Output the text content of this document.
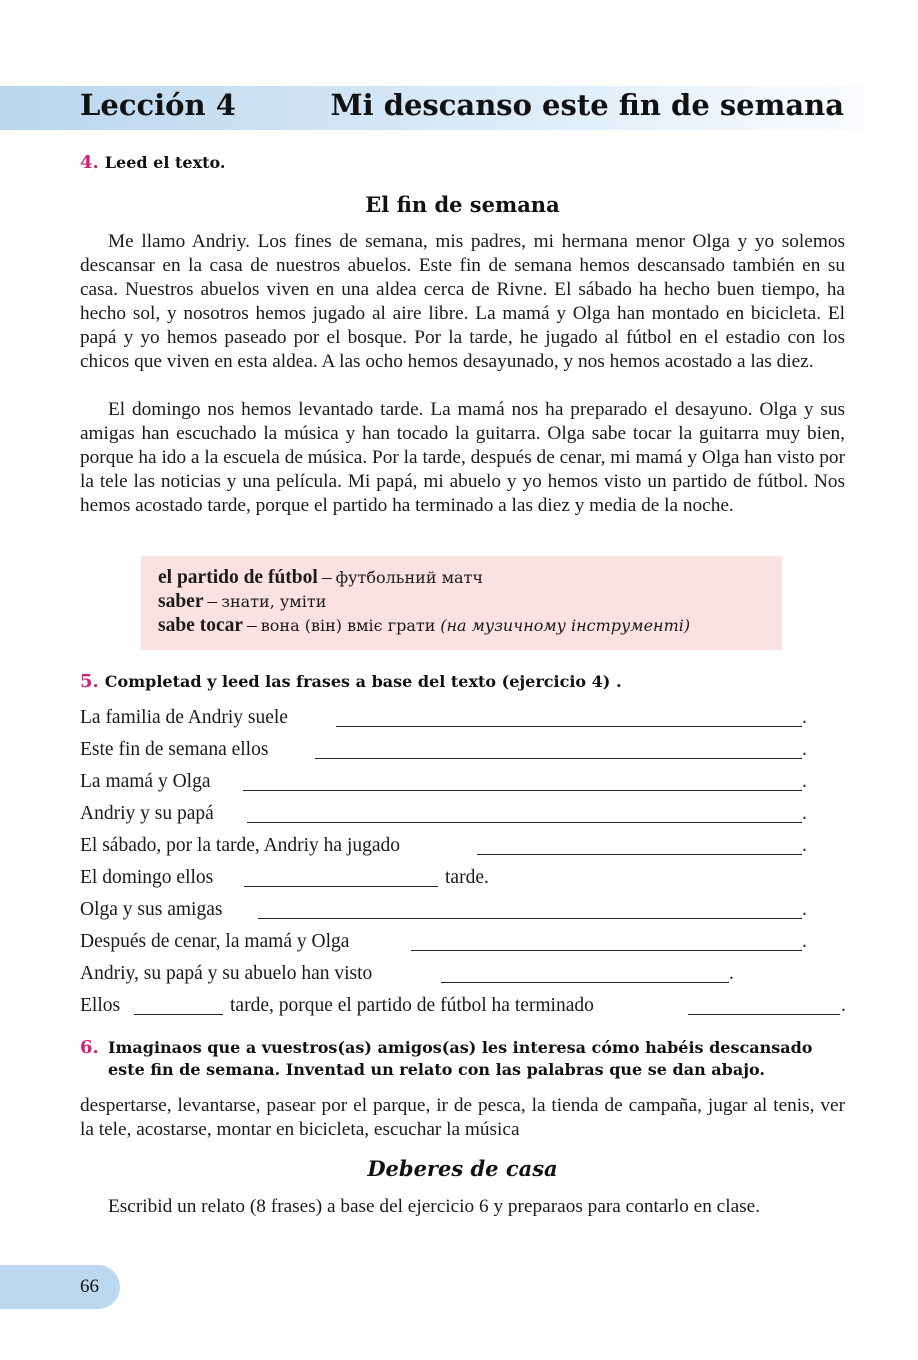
Lección 4	Mi descanso este fin de semana
4. Leed el texto.
El fin de semana

Me llamo Andriy. Los fines de semana, mis padres, mi hermana menor Olga y yo solemos descansar en la casa de nuestros abuelos. Este fin de semana hemos descansado también en su casa. Nuestros abuelos viven en una aldea cerca de Rivne. El sábado ha hecho buen tiempo, ha hecho sol, y nosotros hemos jugado al aire libre. La mamá y Olga han montado en bicicleta. El papá y yo hemos paseado por el bosque. Por la tarde, he jugado al fútbol en el estadio con los chicos que viven en esta aldea. A las ocho hemos desayunado, y nos hemos acostado a las diez.

El domingo nos hemos levantado tarde. La mamá nos ha preparado el desayuno. Olga y sus amigas han escuchado la música y han tocado la guitarra. Olga sabe tocar la guitarra muy bien, porque ha ido a la escuela de música. Por la tarde, después de cenar, mi mamá y Olga han visto por la tele las noticias y una película. Mi papá, mi abuelo y yo hemos visto un partido de fútbol. Nos hemos acostado tarde, porque el partido ha terminado a las diez y media de la noche.

el partido de fútbol – футбольний матч
saber – знати, уміти
sabe tocar – вона (він) вміє грати (на музичному інструменті)
5. Completad y leed las frases a base del texto (ejercicio 4) .
La familia de Andriy suele	.
Este fin de semana ellos	.
La mamá y Olga	.
Andriy y su papá	.
El sábado, por la tarde, Andriy ha jugado	.
El domingo ellos	tarde.
Olga y sus amigas	.
Después de cenar, la mamá y Olga	.
Andriy, su papá y su abuelo han visto	.
Ellos	tarde, porque el partido de fútbol ha terminado	.
6. Imaginaos que a vuestros(as) amigos(as) les interesa cómo habéis descansado este fin de semana. Inventad un relato con las palabras que se dan abajo.

despertarse, levantarse, pasear por el parque, ir de pesca, la tienda de campaña, jugar al tenis, ver la tele, acostarse, montar en bicicleta, escuchar la música

Deberes de casa

Escribid un relato (8 frases) a base del ejercicio 6 y preparaos para contarlo en clase.

66
